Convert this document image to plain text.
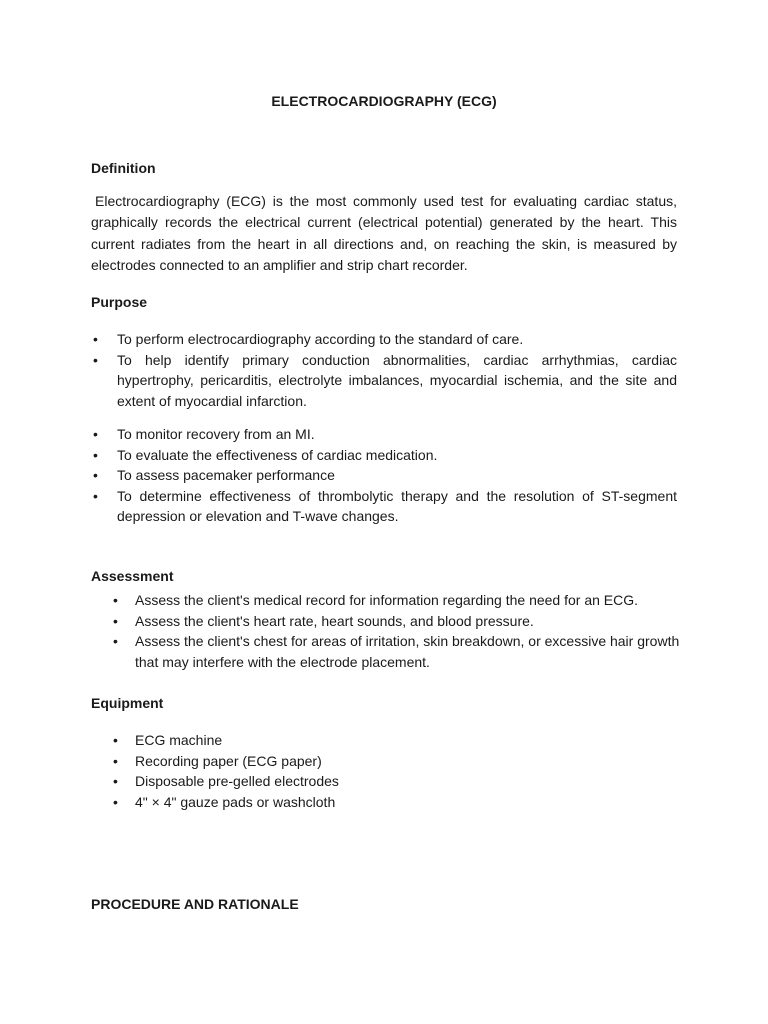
ELECTROCARDIOGRAPHY (ECG)
Definition

Electrocardiography (ECG) is the most commonly used test for evaluating cardiac status, graphically records the electrical current (electrical potential) generated by the heart. This current radiates from the heart in all directions and, on reaching the skin, is measured by electrodes connected to an amplifier and strip chart recorder.

Purpose
• To perform electrocardiography according to the standard of care.
• To help identify primary conduction abnormalities, cardiac arrhythmias, cardiac hypertrophy, pericarditis, electrolyte imbalances, myocardial ischemia, and the site and extent of myocardial infarction.
• To monitor recovery from an MI.
• To evaluate the effectiveness of cardiac medication.
• To assess pacemaker performance
• To determine effectiveness of thrombolytic therapy and the resolution of ST-segment depression or elevation and T-wave changes.
Assessment
• Assess the client's medical record for information regarding the need for an ECG.
• Assess the client's heart rate, heart sounds, and blood pressure.
• Assess the client's chest for areas of irritation, skin breakdown, or excessive hair growth that may interfere with the electrode placement.
Equipment
• ECG machine
• Recording paper (ECG paper)
• Disposable pre-gelled electrodes
• 4" × 4" gauze pads or washcloth
PROCEDURE AND RATIONALE
